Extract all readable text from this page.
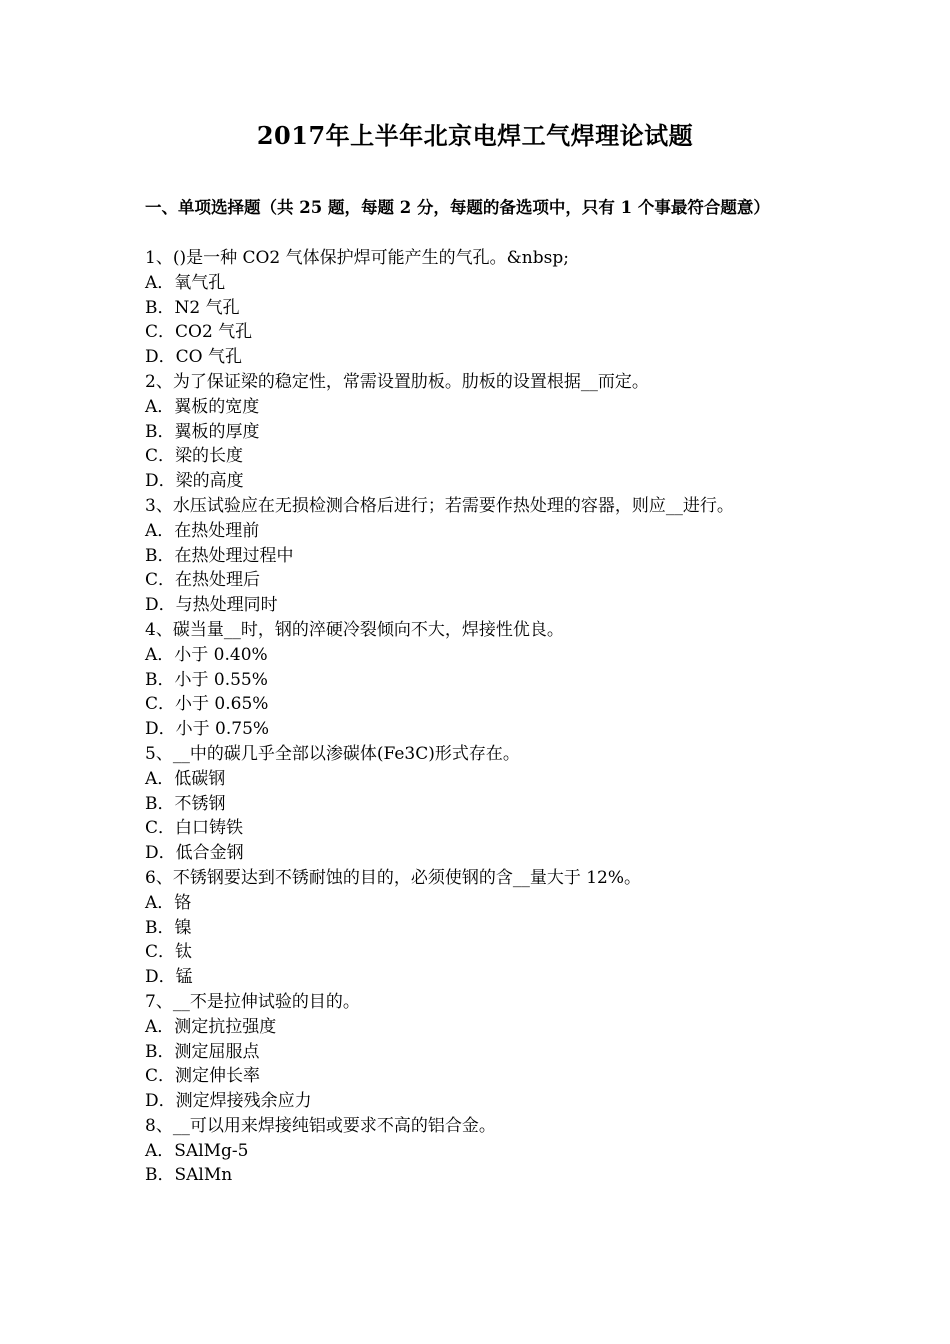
2017年上半年北京电焊工气焊理论试题
一、单项选择题（共 25 题，每题 2 分，每题的备选项中，只有 1 个事最符合题意）
1、()是一种 CO2 气体保护焊可能产生的气孔。&nbsp;
A．氧气孔
B．N2 气孔
C．CO2 气孔
D．CO 气孔
2、为了保证梁的稳定性，常需设置肋板。肋板的设置根据__而定。
A．翼板的宽度
B．翼板的厚度
C．梁的长度
D．梁的高度
3、水压试验应在无损检测合格后进行；若需要作热处理的容器，则应__进行。
A．在热处理前
B．在热处理过程中
C．在热处理后
D．与热处理同时
4、碳当量__时，钢的淬硬冷裂倾向不大，焊接性优良。
A．小于 0.40%
B．小于 0.55%
C．小于 0.65%
D．小于 0.75%
5、__中的碳几乎全部以渗碳体(Fe3C)形式存在。
A．低碳钢
B．不锈钢
C．白口铸铁
D．低合金钢
6、不锈钢要达到不锈耐蚀的目的，必须使钢的含__量大于 12%。
A．铬
B．镍
C．钛
D．锰
7、__不是拉伸试验的目的。
A．测定抗拉强度
B．测定屈服点
C．测定伸长率
D．测定焊接残余应力
8、__可以用来焊接纯铝或要求不高的铝合金。
A．SAlMg-5
B．SAlMn
